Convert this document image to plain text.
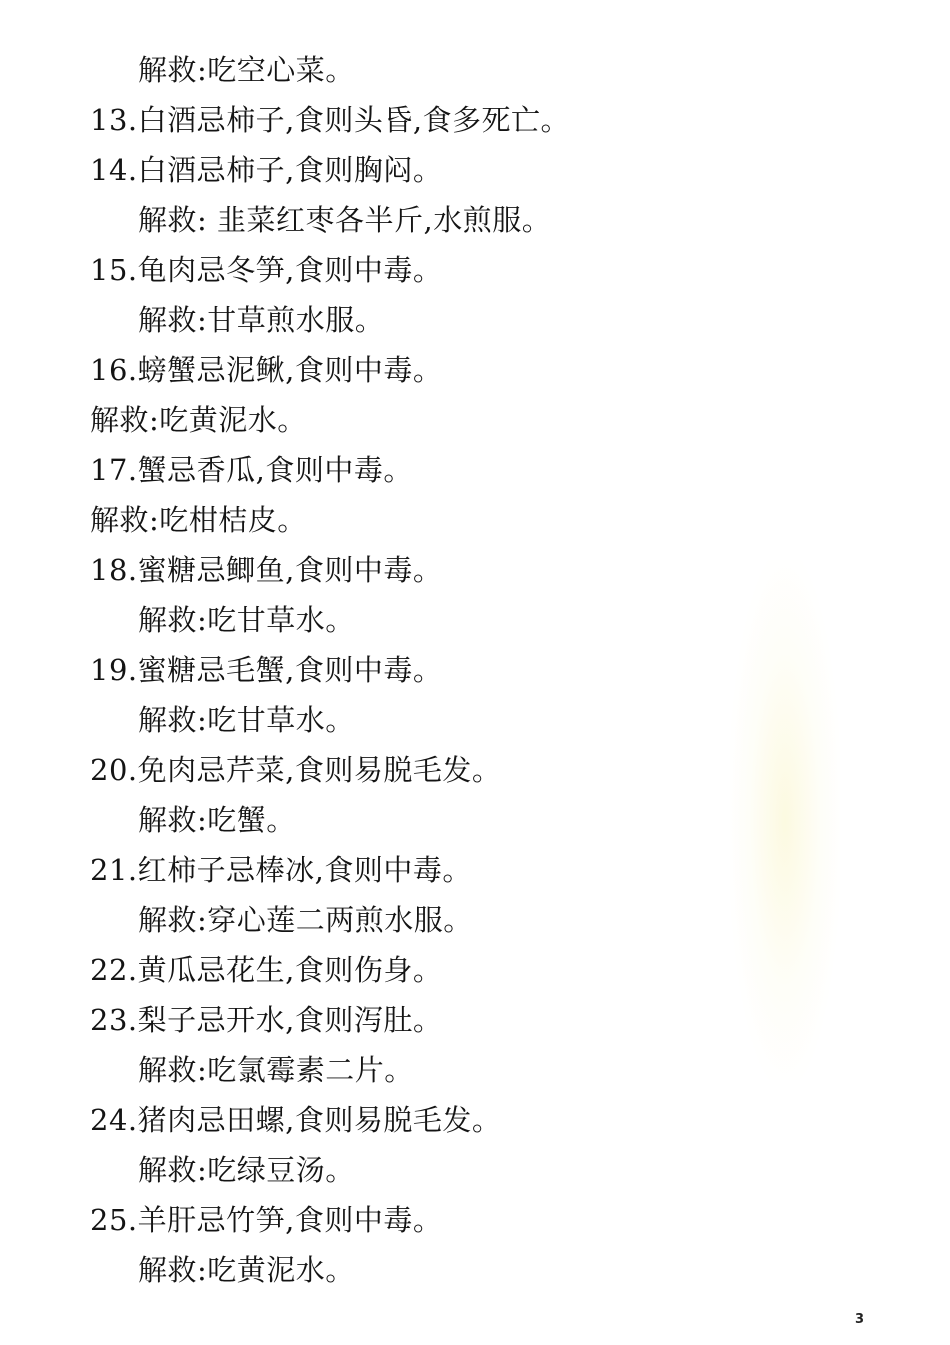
解救:吃空心菜。
13.白酒忌柿子,食则头昏,食多死亡。
14.白酒忌柿子,食则胸闷。
解救: 韭菜红枣各半斤,水煎服。
15.龟肉忌冬笋,食则中毒。
解救:甘草煎水服。
16.螃蟹忌泥鳅,食则中毒。
解救:吃黄泥水。
17.蟹忌香瓜,食则中毒。
解救:吃柑桔皮。
18.蜜糖忌鲫鱼,食则中毒。
解救:吃甘草水。
19.蜜糖忌毛蟹,食则中毒。
解救:吃甘草水。
20.免肉忌芹菜,食则易脱毛发。
解救:吃蟹。
21.红柿子忌棒冰,食则中毒。
解救:穿心莲二两煎水服。
22.黄瓜忌花生,食则伤身。
23.梨子忌开水,食则泻肚。
解救:吃氯霉素二片。
24.猪肉忌田螺,食则易脱毛发。
解救:吃绿豆汤。
25.羊肝忌竹笋,食则中毒。
解救:吃黄泥水。
3
